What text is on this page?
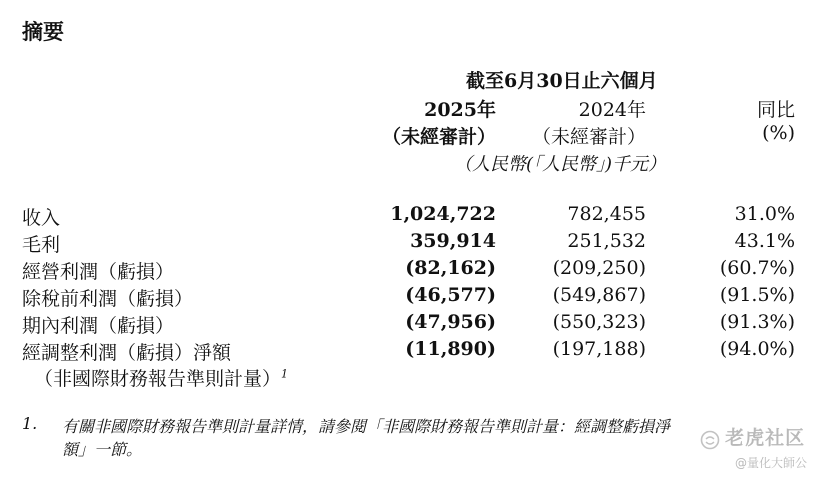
摘要
截至6月30日止六個月
2025年	2024年	同比
（未經審計）	（未經審計）	(%)
（人民幣(「人民幣」)千元）
收入	1,024,722	782,455	31.0%
毛利	359,914	251,532	43.1%
經營利潤（虧損）	(82,162)	(209,250)	(60.7%)
除稅前利潤（虧損）	(46,577)	(549,867)	(91.5%)
期內利潤（虧損）	(47,956)	(550,323)	(91.3%)
經調整利潤（虧損）淨額	(11,890)	(197,188)	(94.0%)
（非國際財務報告準則計量）$^1$
1. 有關非國際財務報告準則計量詳情，請參閱「非國際財務報告準則計量：經調整虧損淨
額」一節。
老虎社区
@量化大師公
